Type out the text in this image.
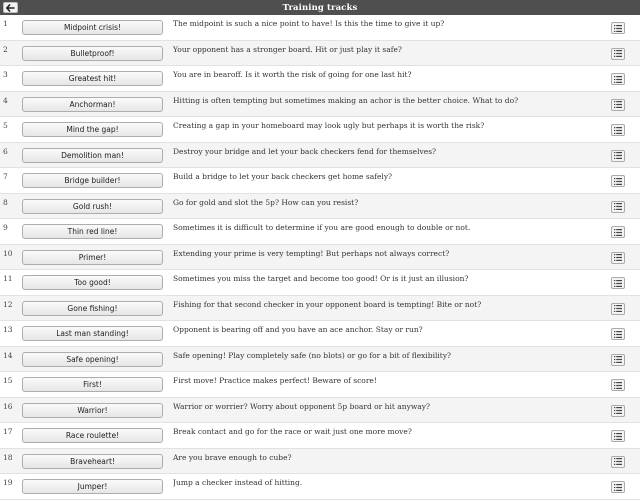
Training tracks
1	Midpoint crisis!	The midpoint is such a nice point to have! Is this the time to give it up?
2	Bulletproof!	Your opponent has a stronger board. Hit or just play it safe?
3	Greatest hit!	You are in bearoff. Is it worth the risk of going for one last hit?
4	Anchorman!	Hitting is often tempting but sometimes making an achor is the better choice. What to do?
5	Mind the gap!	Creating a gap in your homeboard may look ugly but perhaps it is worth the risk?
6	Demolition man!	Destroy your bridge and let your back checkers fend for themselves?
7	Bridge builder!	Build a bridge to let your back checkers get home safely?
8	Gold rush!	Go for gold and slot the 5p? How can you resist?
9	Thin red line!	Sometimes it is difficult to determine if you are good enough to double or not.
10	Primer!	Extending your prime is very tempting! But perhaps not always correct?
11	Too good!	Sometimes you miss the target and become too good! Or is it just an illusion?
12	Gone fishing!	Fishing for that second checker in your opponent board is tempting! Bite or not?
13	Last man standing!	Opponent is bearing off and you have an ace anchor. Stay or run?
14	Safe opening!	Safe opening! Play completely safe (no blots) or go for a bit of flexibility?
15	First!	First move! Practice makes perfect! Beware of score!
16	Warrior!	Warrior or worrier? Worry about opponent 5p board or hit anyway?
17	Race roulette!	Break contact and go for the race or wait just one more move?
18	Braveheart!	Are you brave enough to cube?
19	Jumper!	Jump a checker instead of hitting.
